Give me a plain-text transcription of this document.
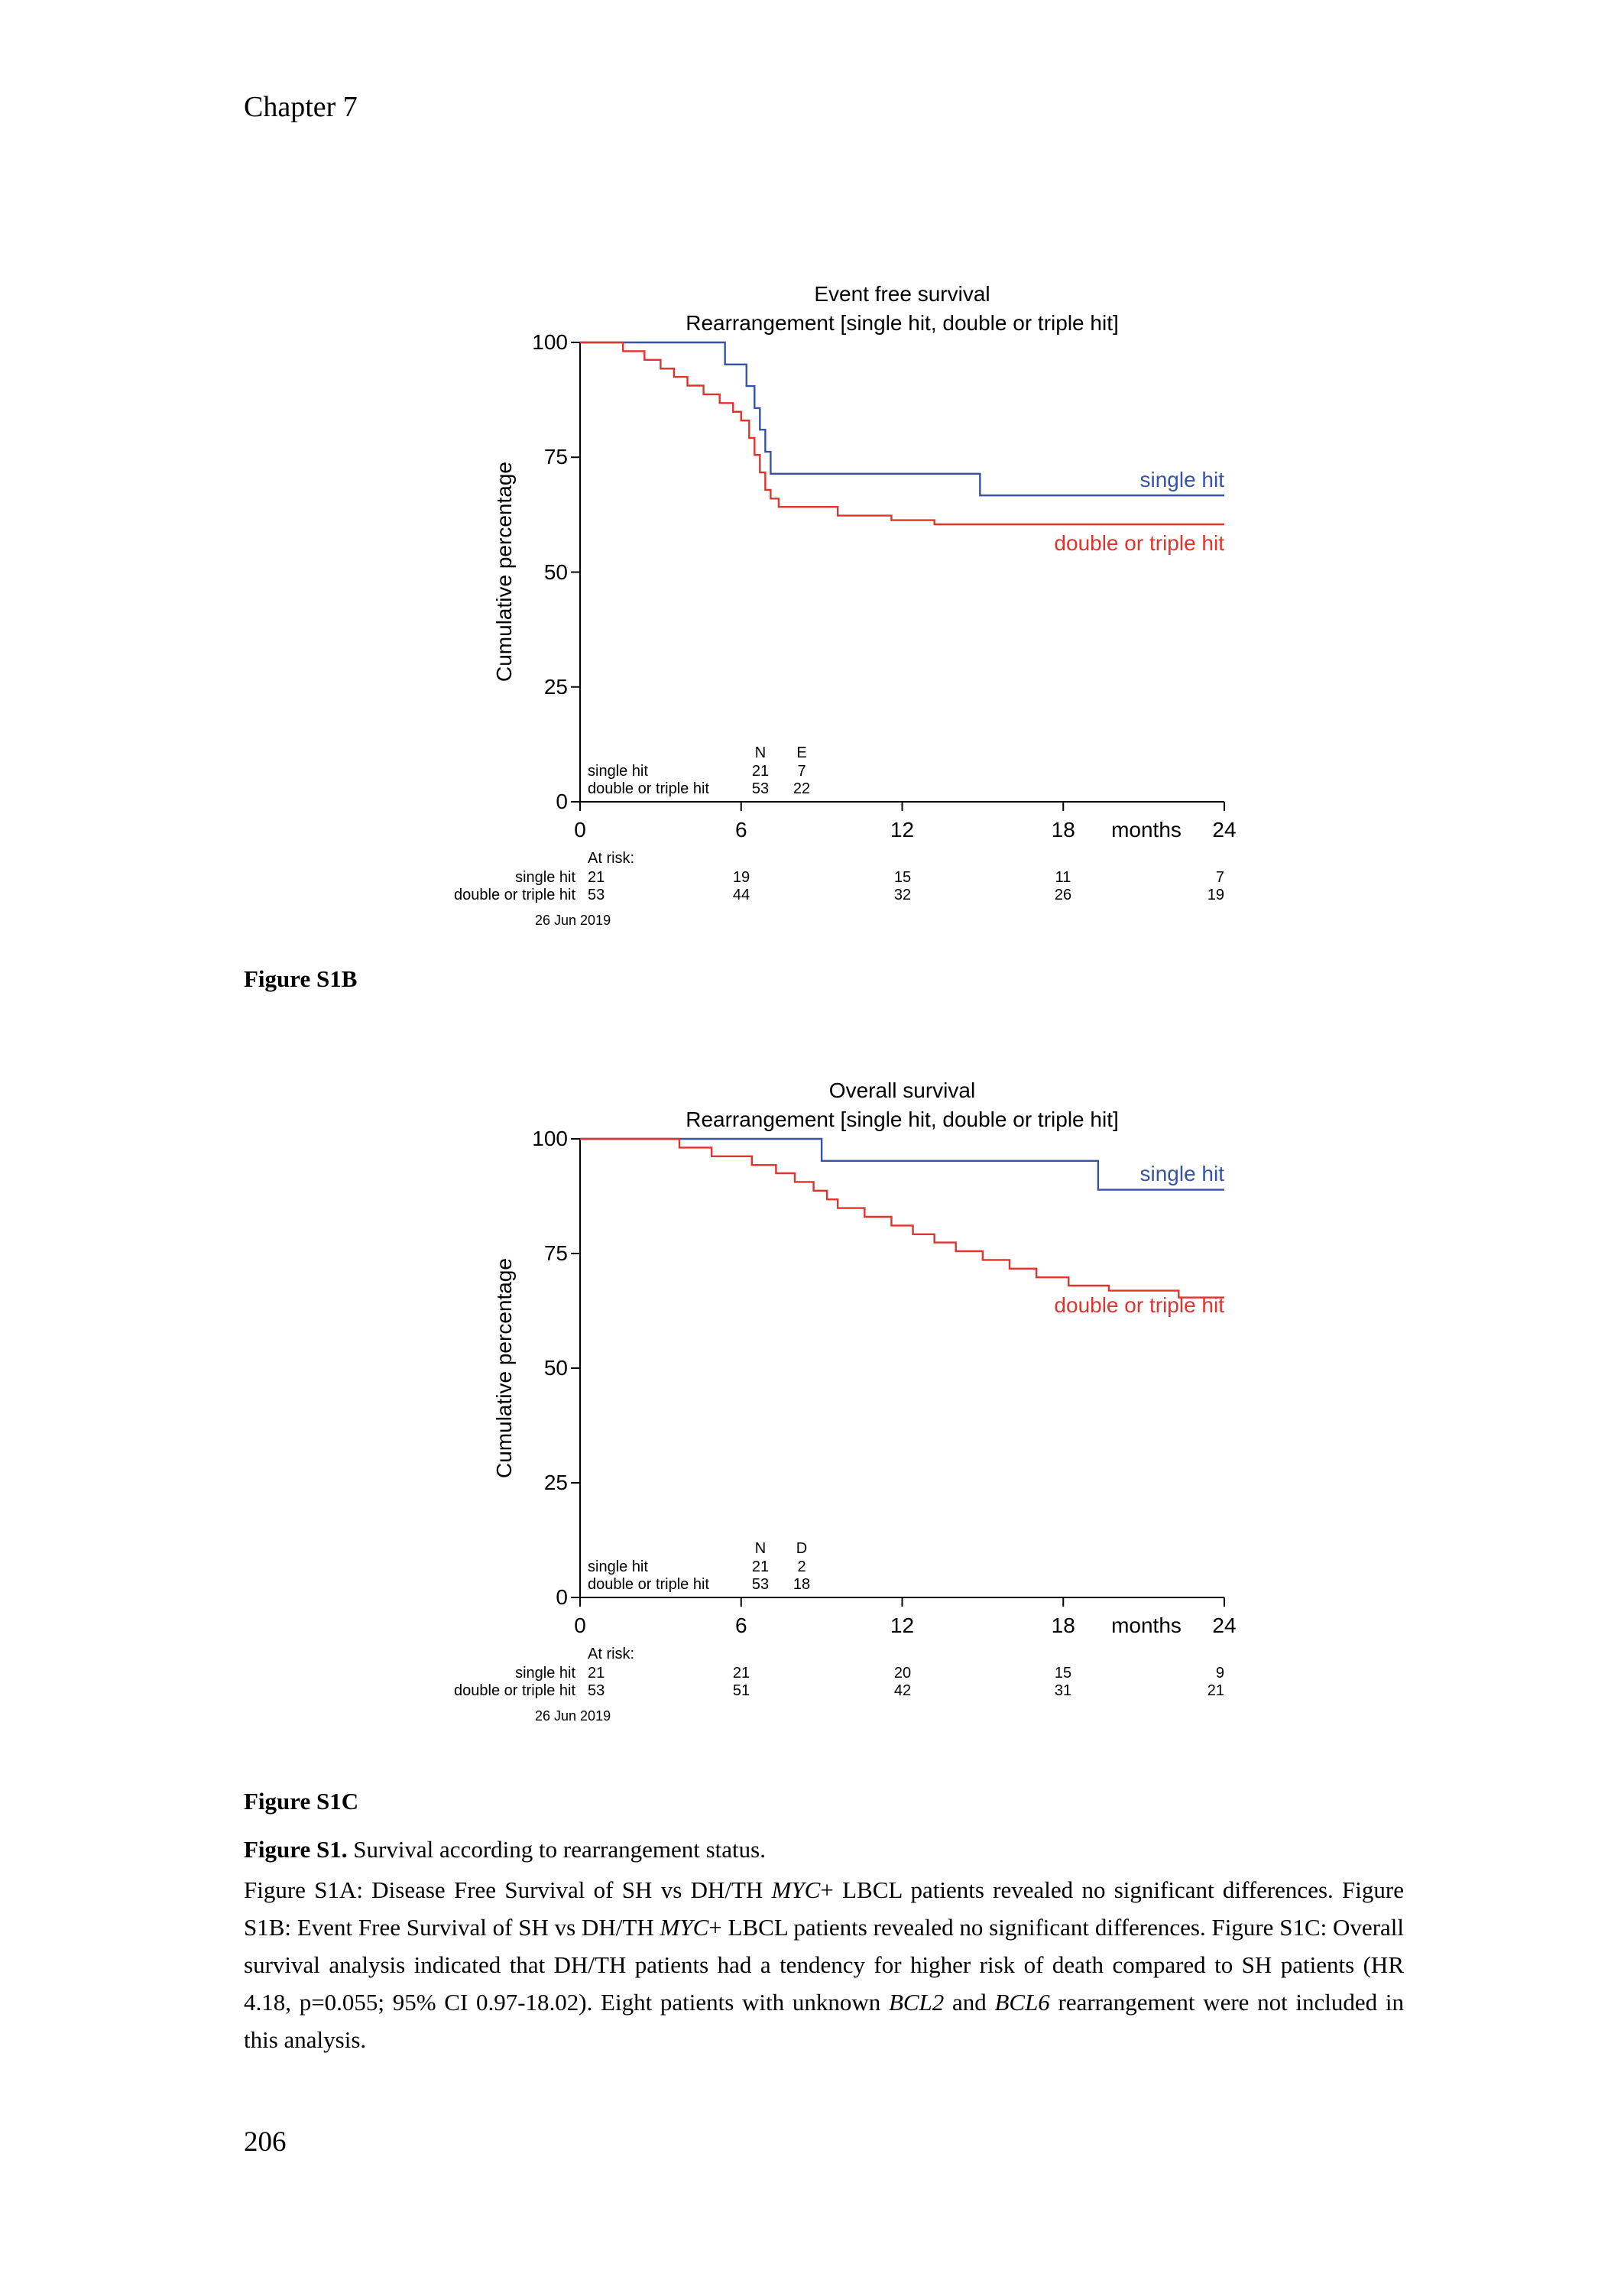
Chapter 7
Event free survival
Rearrangement [single hit, double or triple hit]
Cumulative percentage	single hit
double or triple hit
months
At risk:
26 Jun 2019
Figure S1B
Overall survival
Rearrangement [single hit, double or triple hit]
Cumulative percentage
single hit
double or triple hit
months
At risk:
26 Jun 2019
Figure S1C
Figure S1. Survival according to rearrangement status.
Figure S1A: Disease Free Survival of SH vs DH/TH MYC+ LBCL patients revealed no significant differences. Figure S1B: Event Free Survival of SH vs DH/TH MYC+ LBCL patients revealed no significant differences. Figure S1C: Overall survival analysis indicated that DH/TH patients had a tendency for higher risk of death compared to SH patients (HR 4.18, p=0.055; 95% CI 0.97-18.02). Eight patients with unknown BCL2 and BCL6 rearrangement were not included in this analysis.
206
0
25
50
75
100
0	6	12	18	24
N E
single hit	21 7
double or triple hit	53 22
single hit 21	19	15	11	7
double or triple hit 53	44	32	26	19
0
25
50
75
100
0	6	12	18	24
N D
single hit	21 2
double or triple hit	53 18
single hit 21	21	20	15	9
double or triple hit 53	51	42	31	21
